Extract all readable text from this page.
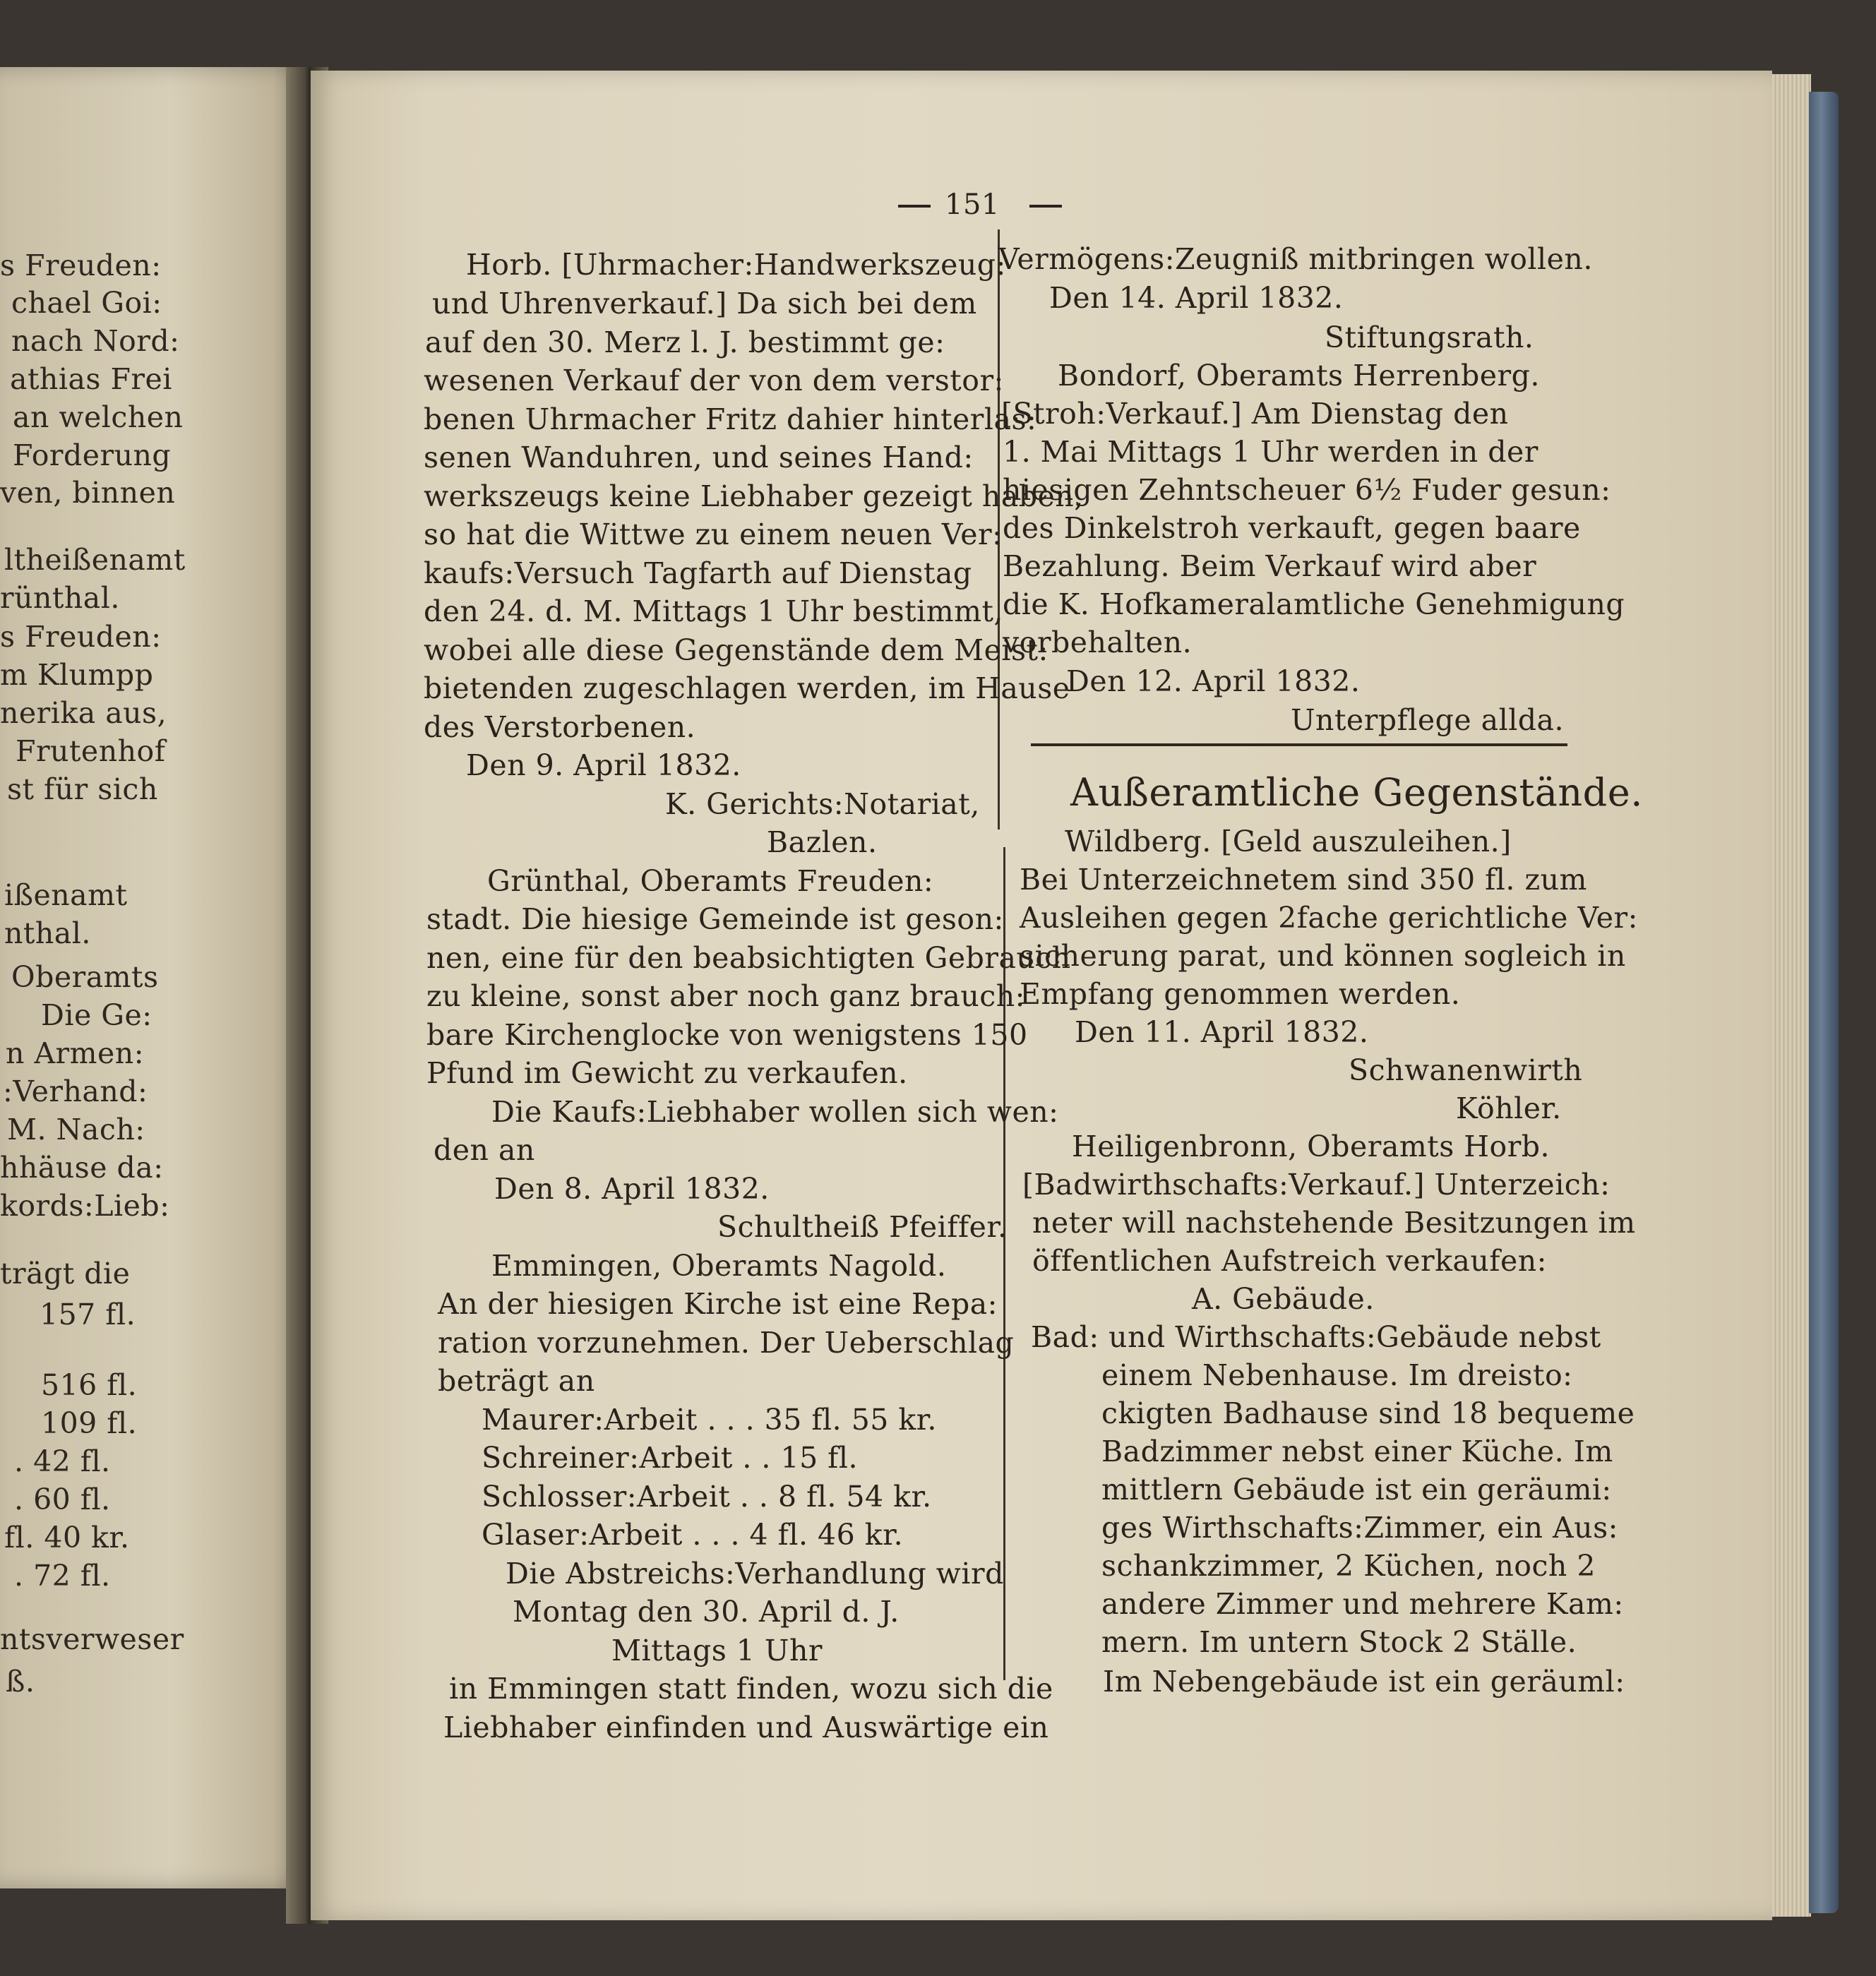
s Freuden:
chael Goi:
nach Nord:
athias Frei
an welchen
Forderung
ven, binnen
ltheißenamt
rünthal.
s Freuden:
m Klumpp
nerika aus,
Frutenhof
st für sich
ißenamt
nthal.
Oberamts
Die Ge:
n Armen:
:Verhand:
M. Nach:
hhäuse da:
kords:Lieb:
trägt die
157 fl.
516 fl.
109 fl.
. 42 fl.
. 60 fl.
fl. 40 kr.
. 72 fl.
ntsverweser
ß.
151
Horb. [Uhrmacher:Handwerkszeug:
und Uhrenverkauf.] Da sich bei dem
auf den 30. Merz l. J. bestimmt ge:
wesenen Verkauf der von dem verstor:
benen Uhrmacher Fritz dahier hinterlas:
senen Wanduhren, und seines Hand:
werkszeugs keine Liebhaber gezeigt haben,
so hat die Wittwe zu einem neuen Ver:
kaufs:Versuch Tagfarth auf Dienstag
den 24. d. M. Mittags 1 Uhr bestimmt,
wobei alle diese Gegenstände dem Meist:
bietenden zugeschlagen werden, im Hause
des Verstorbenen.
Den 9. April 1832.
K. Gerichts:Notariat,
Bazlen.
Grünthal, Oberamts Freuden:
stadt. Die hiesige Gemeinde ist geson:
nen, eine für den beabsichtigten Gebrauch
zu kleine, sonst aber noch ganz brauch:
bare Kirchenglocke von wenigstens 150
Pfund im Gewicht zu verkaufen.
Die Kaufs:Liebhaber wollen sich wen:
den an
Den 8. April 1832.
Schultheiß Pfeiffer.
Emmingen, Oberamts Nagold.
An der hiesigen Kirche ist eine Repa:
ration vorzunehmen. Der Ueberschlag
beträgt an
Maurer:Arbeit . . . 35 fl. 55 kr.
Schreiner:Arbeit . . 15 fl.
Schlosser:Arbeit . . 8 fl. 54 kr.
Glaser:Arbeit . . . 4 fl. 46 kr.
Die Abstreichs:Verhandlung wird
Montag den 30. April d. J.
Mittags 1 Uhr
in Emmingen statt finden, wozu sich die
Liebhaber einfinden und Auswärtige ein
Vermögens:Zeugniß mitbringen wollen.
Den 14. April 1832.
Stiftungsrath.
Bondorf, Oberamts Herrenberg.
[Stroh:Verkauf.] Am Dienstag den
1. Mai Mittags 1 Uhr werden in der
hiesigen Zehntscheuer 6½ Fuder gesun:
des Dinkelstroh verkauft, gegen baare
Bezahlung. Beim Verkauf wird aber
die K. Hofkameralamtliche Genehmigung
vorbehalten.
Den 12. April 1832.
Unterpflege allda.
Außeramtliche Gegenstände.
Wildberg. [Geld auszuleihen.]
Bei Unterzeichnetem sind 350 fl. zum
Ausleihen gegen 2fache gerichtliche Ver:
sicherung parat, und können sogleich in
Empfang genommen werden.
Den 11. April 1832.
Schwanenwirth
Köhler.
Heiligenbronn, Oberamts Horb.
[Badwirthschafts:Verkauf.] Unterzeich:
neter will nachstehende Besitzungen im
öffentlichen Aufstreich verkaufen:
A. Gebäude.
Bad: und Wirthschafts:Gebäude nebst
einem Nebenhause. Im dreisto:
ckigten Badhause sind 18 bequeme
Badzimmer nebst einer Küche. Im
mittlern Gebäude ist ein geräumi:
ges Wirthschafts:Zimmer, ein Aus:
schankzimmer, 2 Küchen, noch 2
andere Zimmer und mehrere Kam:
mern. Im untern Stock 2 Ställe.
Im Nebengebäude ist ein geräuml:
